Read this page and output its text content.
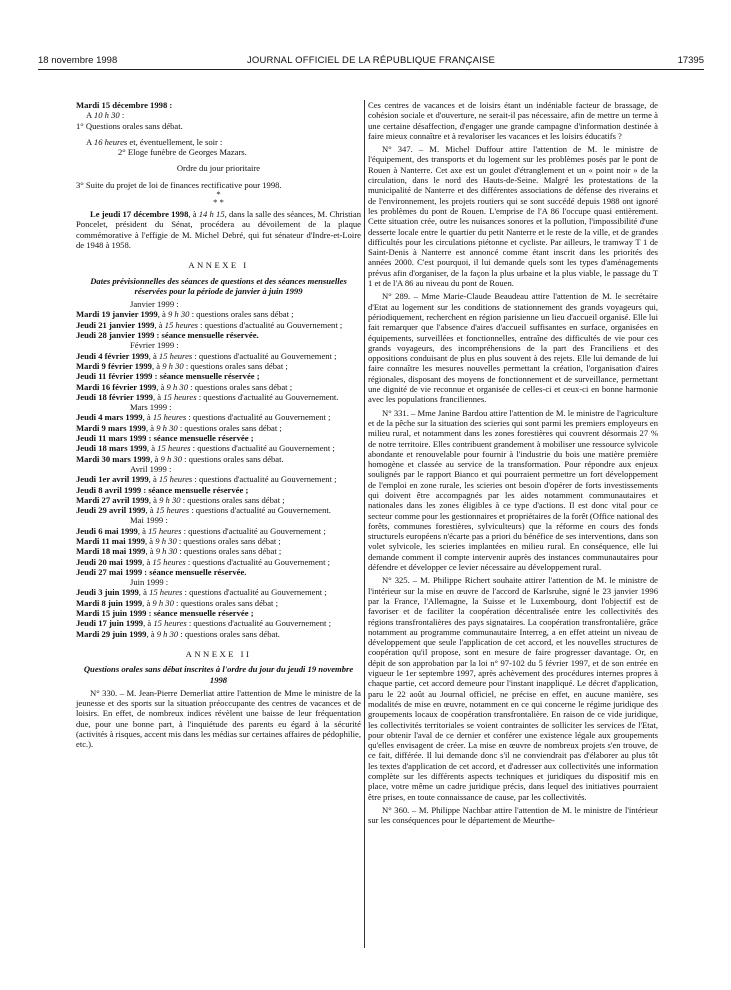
18 novembre 1998	JOURNAL OFFICIEL DE LA RÉPUBLIQUE FRANÇAISE	17395

Mardi 15 décembre 1998 :

A 10 h 30 :

1° Questions orales sans débat.

A 16 heures et, éventuellement, le soir :

2° Eloge funèbre de Georges Mazars.

Ordre du jour prioritaire

3° Suite du projet de loi de finances rectificative pour 1998.

*

* *

Le jeudi 17 décembre 1998, à 14 h 15, dans la salle des séances, M. Christian Poncelet, président du Sénat, procédera au dévoilement de la plaque commémorative à l'effigie de M. Michel Debré, qui fut sénateur d'Indre-et-Loire de 1948 à 1958.

ANNEXE I

Dates prévisionnelles des séances de questions et des séances mensuelles réservées pour la période de janvier à juin 1999

Janvier 1999 :

Mardi 19 janvier 1999, à 9 h 30 : questions orales sans débat ;

Jeudi 21 janvier 1999, à 15 heures : questions d'actualité au Gouvernement ;

Jeudi 28 janvier 1999 : séance mensuelle réservée.

Février 1999 :

Jeudi 4 février 1999, à 15 heures : questions d'actualité au Gouvernement ;

Mardi 9 février 1999, à 9 h 30 : questions orales sans débat ;

Jeudi 11 février 1999 : séance mensuelle réservée ;

Mardi 16 février 1999, à 9 h 30 : questions orales sans débat ;

Jeudi 18 février 1999, à 15 heures : questions d'actualité au Gouvernement.

Mars 1999 :

Jeudi 4 mars 1999, à 15 heures : questions d'actualité au Gouvernement ;

Mardi 9 mars 1999, à 9 h 30 : questions orales sans débat ;

Jeudi 11 mars 1999 : séance mensuelle réservée ;

Jeudi 18 mars 1999, à 15 heures : questions d'actualité au Gouvernement ;

Mardi 30 mars 1999, à 9 h 30 : questions orales sans débat.

Avril 1999 :

Jeudi 1er avril 1999, à 15 heures : questions d'actualité au Gouvernement ;

Jeudi 8 avril 1999 : séance mensuelle réservée ;

Mardi 27 avril 1999, à 9 h 30 : questions orales sans débat ;

Jeudi 29 avril 1999, à 15 heures : questions d'actualité au Gouvernement.

Mai 1999 :

Jeudi 6 mai 1999, à 15 heures : questions d'actualité au Gouvernement ;

Mardi 11 mai 1999, à 9 h 30 : questions orales sans débat ;

Mardi 18 mai 1999, à 9 h 30 : questions orales sans débat ;

Jeudi 20 mai 1999, à 15 heures : questions d'actualité au Gouvernement ;

Jeudi 27 mai 1999 : séance mensuelle réservée.

Juin 1999 :

Jeudi 3 juin 1999, à 15 heures : questions d'actualité au Gouvernement ;

Mardi 8 juin 1999, à 9 h 30 : questions orales sans débat ;

Mardi 15 juin 1999 : séance mensuelle réservée ;

Jeudi 17 juin 1999, à 15 heures : questions d'actualité au Gouvernement ;

Mardi 29 juin 1999, à 9 h 30 : questions orales sans débat.

ANNEXE II

Questions orales sans débat inscrites à l'ordre du jour du jeudi 19 novembre 1998

N° 330. – M. Jean-Pierre Demerliat attire l'attention de Mme le ministre de la jeunesse et des sports sur la situation préoccupante des centres de vacances et de loisirs. En effet, de nombreux indices révèlent une baisse de leur fréquentation due, pour une bonne part, à l'inquiétude des parents eu égard à la sécurité (activités à risques, accent mis dans les médias sur certaines affaires de pédophilie, etc.).

Ces centres de vacances et de loisirs étant un indéniable facteur de brassage, de cohésion sociale et d'ouverture, ne serait-il pas nécessaire, afin de mettre un terme à une certaine désaffection, d'engager une grande campagne d'information destinée à faire mieux connaître et à revaloriser les vacances et les loisirs éducatifs ?

N° 347. – M. Michel Duffour attire l'attention de M. le ministre de l'équipement, des transports et du logement sur les problèmes posés par le pont de Rouen à Nanterre. Cet axe est un goulet d'étranglement et un « point noir » de la circulation, dans le nord des Hauts-de-Seine. Malgré les protestations de la municipalité de Nanterre et des différentes associations de défense des riverains et de l'environnement, les projets routiers qui se sont succédé depuis 1988 ont ignoré les problèmes du pont de Rouen. L'emprise de l'A 86 l'occupe quasi entièrement. Cette situation crée, outre les nuisances sonores et la pollution, l'impossibilité d'une desserte locale entre le quartier du petit Nanterre et le reste de la ville, et de grandes difficultés pour les circulations piétonne et cycliste. Par ailleurs, le tramway T 1 de Saint-Denis à Nanterre est annoncé comme étant inscrit dans les priorités des années 2000. C'est pourquoi, il lui demande quels sont les types d'aménagements prévus afin d'organiser, de la façon la plus urbaine et la plus viable, le passage du T 1 et de l'A 86 au niveau du pont de Rouen.

N° 289. – Mme Marie-Claude Beaudeau attire l'attention de M. le secrétaire d'Etat au logement sur les conditions de stationnement des grands voyageurs qui, périodiquement, recherchent en région parisienne un lieu d'accueil organisé. Elle lui fait remarquer que l'absence d'aires d'accueil suffisantes en surface, organisées en équipements, surveillées et fonctionnelles, entraîne des difficultés de vie pour ces grands voyageurs, des incompréhensions de la part des Franciliens et des oppositions conduisant de plus en plus souvent à des rejets. Elle lui demande de lui faire connaître les mesures nouvelles permettant la création, l'organisation d'aires régionales, disposant des moyens de fonctionnement et de surveillance, permettant une dignité de vie reconnue et organisée de celles-ci et ceux-ci en bonne harmonie avec les populations franciliennes.

N° 331. – Mme Janine Bardou attire l'attention de M. le ministre de l'agriculture et de la pêche sur la situation des scieries qui sont parmi les premiers employeurs en milieu rural, et notamment dans les zones forestières qui couvrent désormais 27 % de notre territoire. Elles contribuent grandement à mobiliser une ressource sylvicole abondante et renouvelable pour fournir à l'industrie du bois une matière première homogène et classée au service de la transformation. Pour répondre aux enjeux soulignés par le rapport Bianco et qui pourraient permettre un fort développement de l'emploi en zone rurale, les scieries ont besoin d'opérer de forts investissements qui doivent être accompagnés par les aides notamment communautaires et nationales dans les zones éligibles à ce type d'actions. Il est donc vital pour ce secteur comme pour les gestionnaires et propriétaires de la forêt (Office national des forêts, communes forestières, sylviculteurs) que la réforme en cours des fonds structurels européens n'écarte pas a priori du bénéfice de ses interventions, dans son volet sylvicole, les scieries implantées en milieu rural. En conséquence, elle lui demande comment il compte intervenir auprès des instances communautaires pour défendre et développer ce levier nécessaire au développement rural.

N° 325. – M. Philippe Richert souhaite attirer l'attention de M. le ministre de l'intérieur sur la mise en œuvre de l'accord de Karlsruhe, signé le 23 janvier 1996 par la France, l'Allemagne, la Suisse et le Luxembourg, dont l'objectif est de favoriser et de faciliter la coopération décentralisée entre les collectivités des régions transfrontalières des pays signataires. La coopération transfrontalière, grâce notamment au programme communautaire Interreg, a en effet atteint un niveau de développement que seule l'application de cet accord, et les nouvelles structures de coopération qu'il propose, sont en mesure de faire progresser davantage. Or, en dépit de son approbation par la loi n° 97-102 du 5 février 1997, et de son entrée en vigueur le 1er septembre 1997, après achèvement des procédures internes propres à chaque partie, cet accord demeure pour l'instant inappliqué. Le décret d'application, paru le 22 août au Journal officiel, ne précise en effet, en aucune manière, ses modalités de mise en œuvre, notamment en ce qui concerne le régime juridique des groupements locaux de coopération transfrontalière. En raison de ce vide juridique, les collectivités territoriales se voient contraintes de solliciter les services de l'Etat, pour obtenir l'aval de ce dernier et conférer une existence légale aux groupements qu'elles envisagent de créer. La mise en œuvre de nombreux projets s'en trouve, de ce fait, différée. Il lui demande donc s'il ne conviendrait pas d'élaborer au plus tôt les textes d'application de cet accord, et d'adresser aux collectivités une information complète sur les différents aspects techniques et juridiques du dispositif mis en place, votre même un cadre juridique précis, dans lequel des initiatives pourraient être prises, en toute connaissance de cause, par les collectivités.

N° 360. – M. Philippe Nachbar attire l'attention de M. le ministre de l'intérieur sur les conséquences pour le département de Meurthe-
